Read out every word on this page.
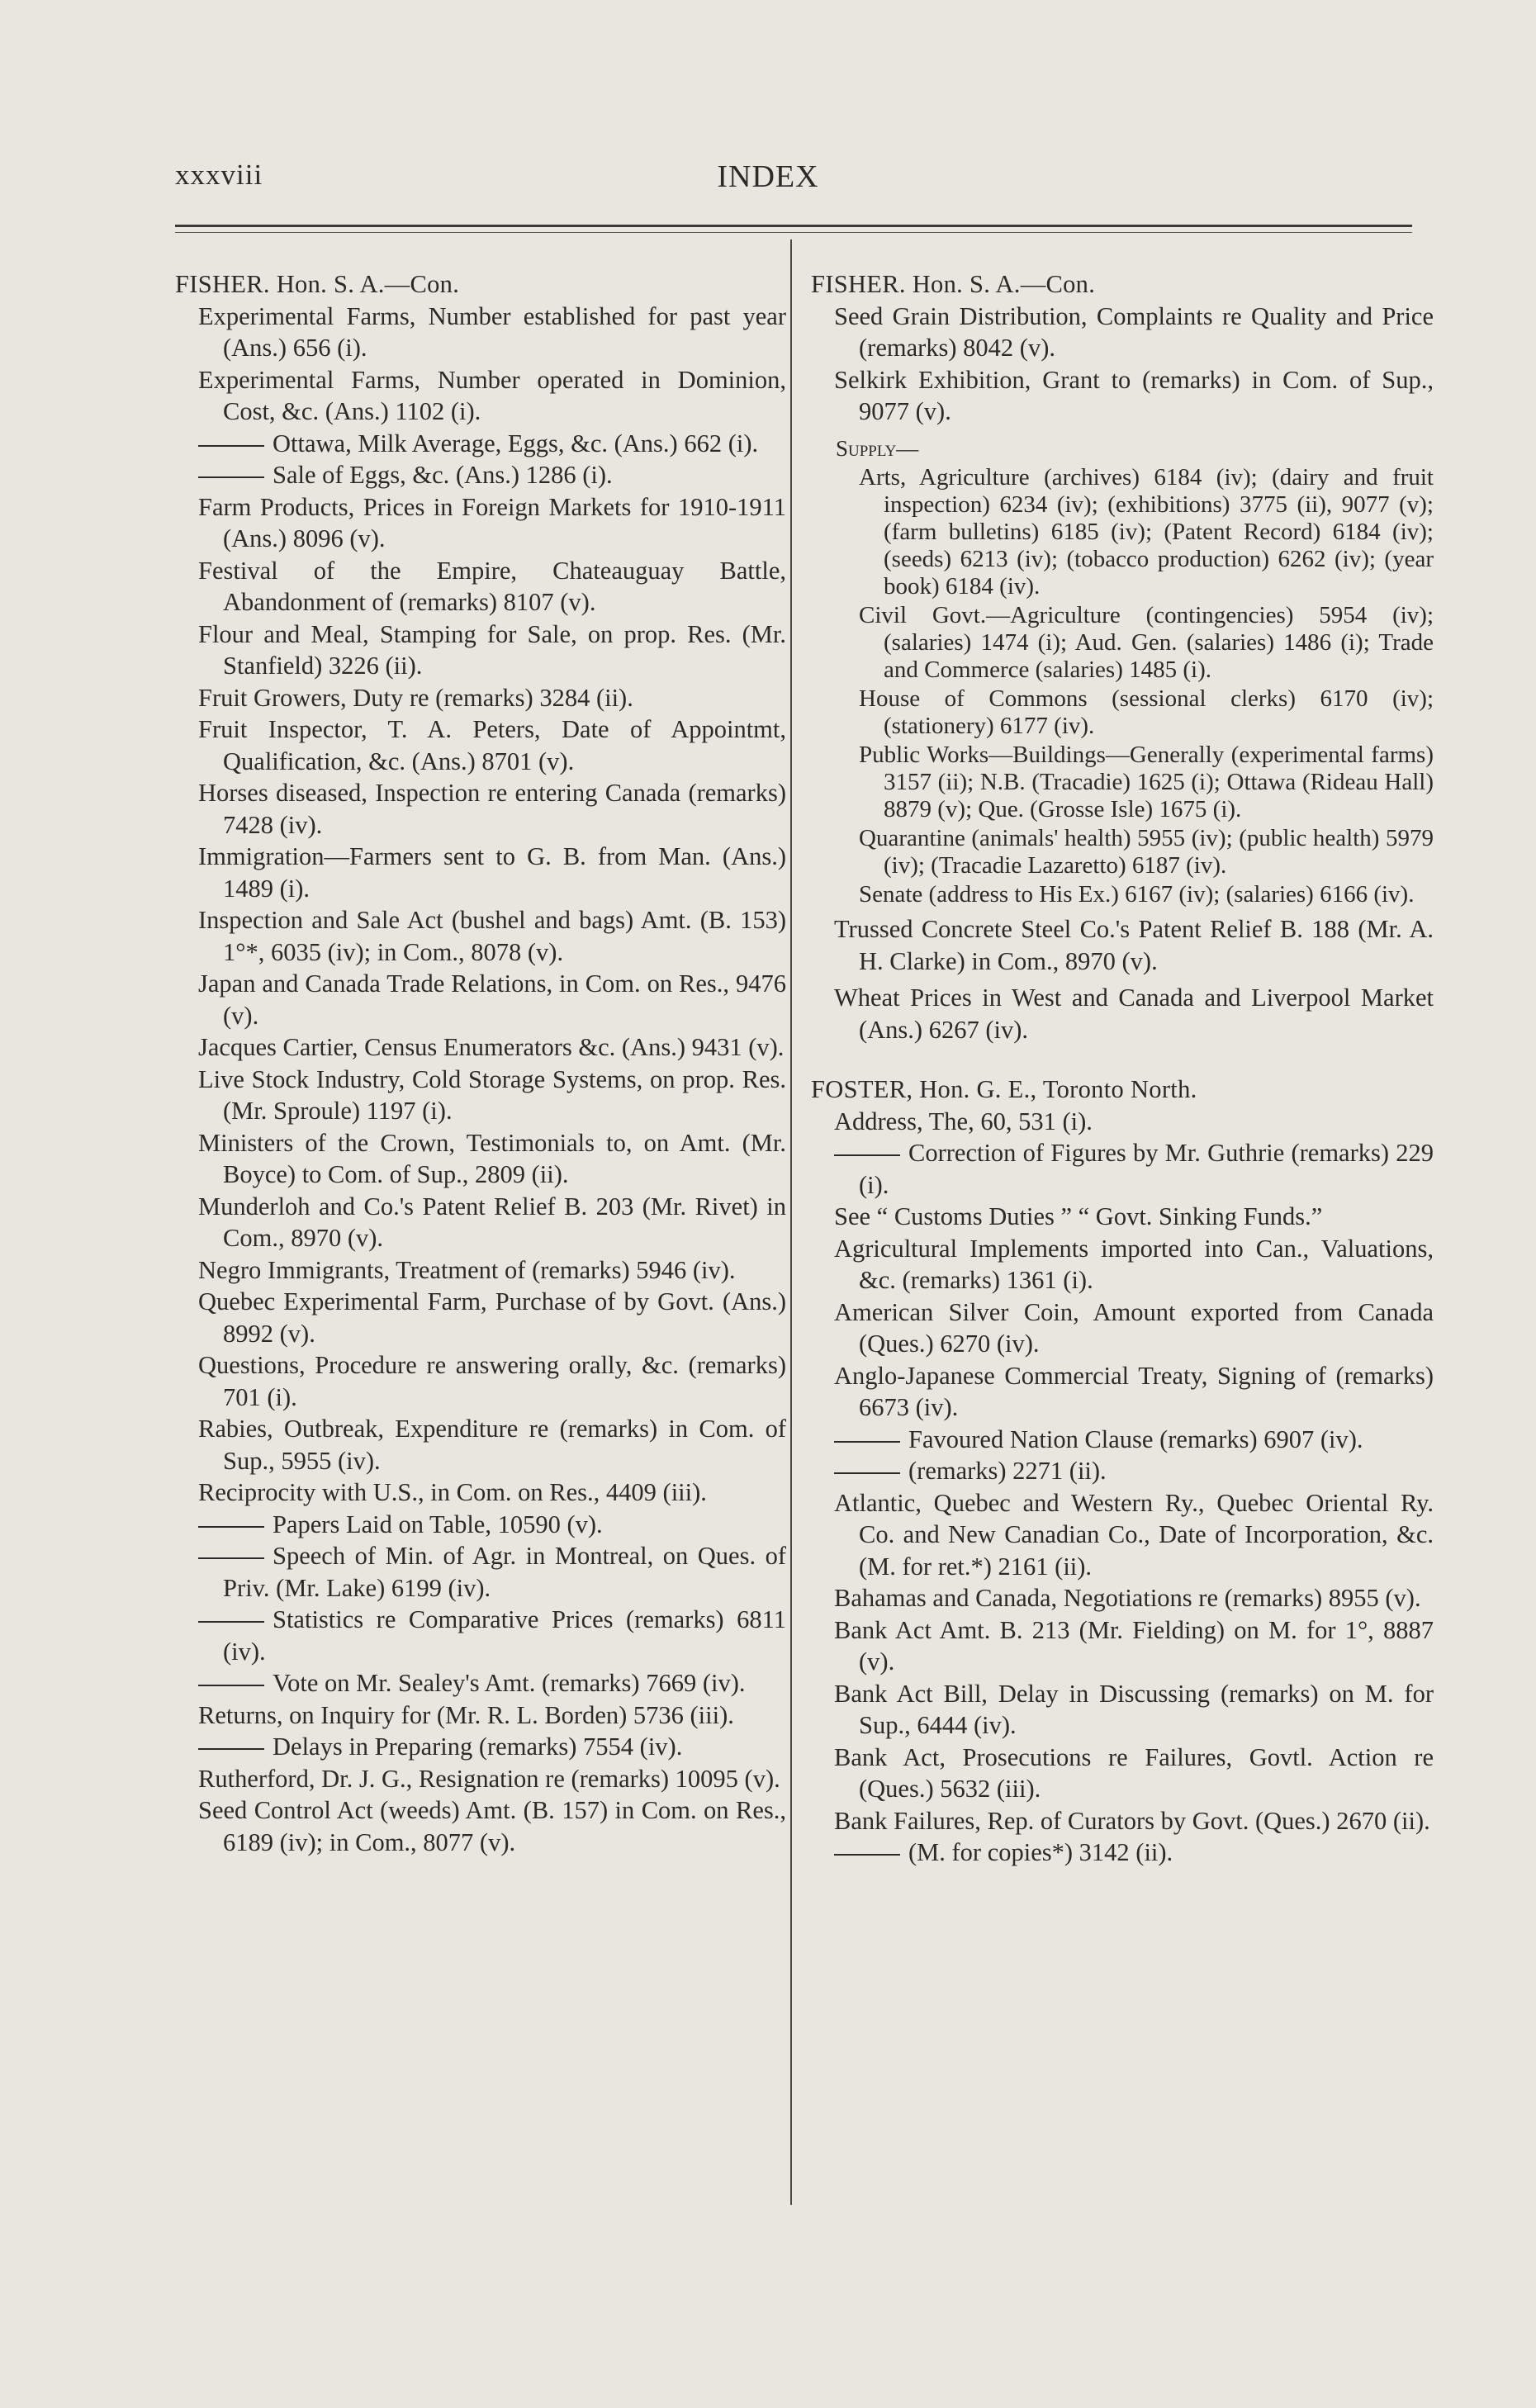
xxxviii	INDEX
FISHER. Hon. S. A.—Con.
Experimental Farms, Number established for past year (Ans.) 656 (i).
Experimental Farms, Number operated in Dominion, Cost, &c. (Ans.) 1102 (i).
Ottawa, Milk Average, Eggs, &c. (Ans.) 662 (i).
Sale of Eggs, &c. (Ans.) 1286 (i).
Farm Products, Prices in Foreign Markets for 1910-1911 (Ans.) 8096 (v).
Festival of the Empire, Chateauguay Battle, Abandonment of (remarks) 8107 (v).
Flour and Meal, Stamping for Sale, on prop. Res. (Mr. Stanfield) 3226 (ii).
Fruit Growers, Duty re (remarks) 3284 (ii).
Fruit Inspector, T. A. Peters, Date of Appointmt, Qualification, &c. (Ans.) 8701 (v).
Horses diseased, Inspection re entering Canada (remarks) 7428 (iv).
Immigration—Farmers sent to G. B. from Man. (Ans.) 1489 (i).
Inspection and Sale Act (bushel and bags) Amt. (B. 153) 1°*, 6035 (iv); in Com., 8078 (v).
Japan and Canada Trade Relations, in Com. on Res., 9476 (v).
Jacques Cartier, Census Enumerators &c. (Ans.) 9431 (v).
Live Stock Industry, Cold Storage Systems, on prop. Res. (Mr. Sproule) 1197 (i).
Ministers of the Crown, Testimonials to, on Amt. (Mr. Boyce) to Com. of Sup., 2809 (ii).
Munderloh and Co.'s Patent Relief B. 203 (Mr. Rivet) in Com., 8970 (v).
Negro Immigrants, Treatment of (remarks) 5946 (iv).
Quebec Experimental Farm, Purchase of by Govt. (Ans.) 8992 (v).
Questions, Procedure re answering orally, &c. (remarks) 701 (i).
Rabies, Outbreak, Expenditure re (remarks) in Com. of Sup., 5955 (iv).
Reciprocity with U.S., in Com. on Res., 4409 (iii).
Papers Laid on Table, 10590 (v).
Speech of Min. of Agr. in Montreal, on Ques. of Priv. (Mr. Lake) 6199 (iv).
Statistics re Comparative Prices (remarks) 6811 (iv).
Vote on Mr. Sealey's Amt. (remarks) 7669 (iv).
Returns, on Inquiry for (Mr. R. L. Borden) 5736 (iii).
Delays in Preparing (remarks) 7554 (iv).
Rutherford, Dr. J. G., Resignation re (remarks) 10095 (v).
Seed Control Act (weeds) Amt. (B. 157) in Com. on Res., 6189 (iv); in Com., 8077 (v).
FISHER. Hon. S. A.—Con.
Seed Grain Distribution, Complaints re Quality and Price (remarks) 8042 (v).
Selkirk Exhibition, Grant to (remarks) in Com. of Sup., 9077 (v).
Supply—
Arts, Agriculture (archives) 6184 (iv); (dairy and fruit inspection) 6234 (iv); (exhibitions) 3775 (ii), 9077 (v); (farm bulletins) 6185 (iv); (Patent Record) 6184 (iv); (seeds) 6213 (iv); (tobacco production) 6262 (iv); (year book) 6184 (iv).
Civil Govt.—Agriculture (contingencies) 5954 (iv); (salaries) 1474 (i); Aud. Gen. (salaries) 1486 (i); Trade and Commerce (salaries) 1485 (i).
House of Commons (sessional clerks) 6170 (iv); (stationery) 6177 (iv).
Public Works—Buildings—Generally (experimental farms) 3157 (ii); N.B. (Tracadie) 1625 (i); Ottawa (Rideau Hall) 8879 (v); Que. (Grosse Isle) 1675 (i).
Quarantine (animals' health) 5955 (iv); (public health) 5979 (iv); (Tracadie Lazaretto) 6187 (iv).
Senate (address to His Ex.) 6167 (iv); (salaries) 6166 (iv).
Trussed Concrete Steel Co.'s Patent Relief B. 188 (Mr. A. H. Clarke) in Com., 8970 (v).
Wheat Prices in West and Canada and Liverpool Market (Ans.) 6267 (iv).
FOSTER, Hon. G. E., Toronto North.
Address, The, 60, 531 (i).
Correction of Figures by Mr. Guthrie (remarks) 229 (i).
See “ Customs Duties ” “ Govt. Sinking Funds.”
Agricultural Implements imported into Can., Valuations, &c. (remarks) 1361 (i).
American Silver Coin, Amount exported from Canada (Ques.) 6270 (iv).
Anglo-Japanese Commercial Treaty, Signing of (remarks) 6673 (iv).
Favoured Nation Clause (remarks) 6907 (iv).
(remarks) 2271 (ii).
Atlantic, Quebec and Western Ry., Quebec Oriental Ry. Co. and New Canadian Co., Date of Incorporation, &c. (M. for ret.*) 2161 (ii).
Bahamas and Canada, Negotiations re (remarks) 8955 (v).
Bank Act Amt. B. 213 (Mr. Fielding) on M. for 1°, 8887 (v).
Bank Act Bill, Delay in Discussing (remarks) on M. for Sup., 6444 (iv).
Bank Act, Prosecutions re Failures, Govtl. Action re (Ques.) 5632 (iii).
Bank Failures, Rep. of Curators by Govt. (Ques.) 2670 (ii).
(M. for copies*) 3142 (ii).
